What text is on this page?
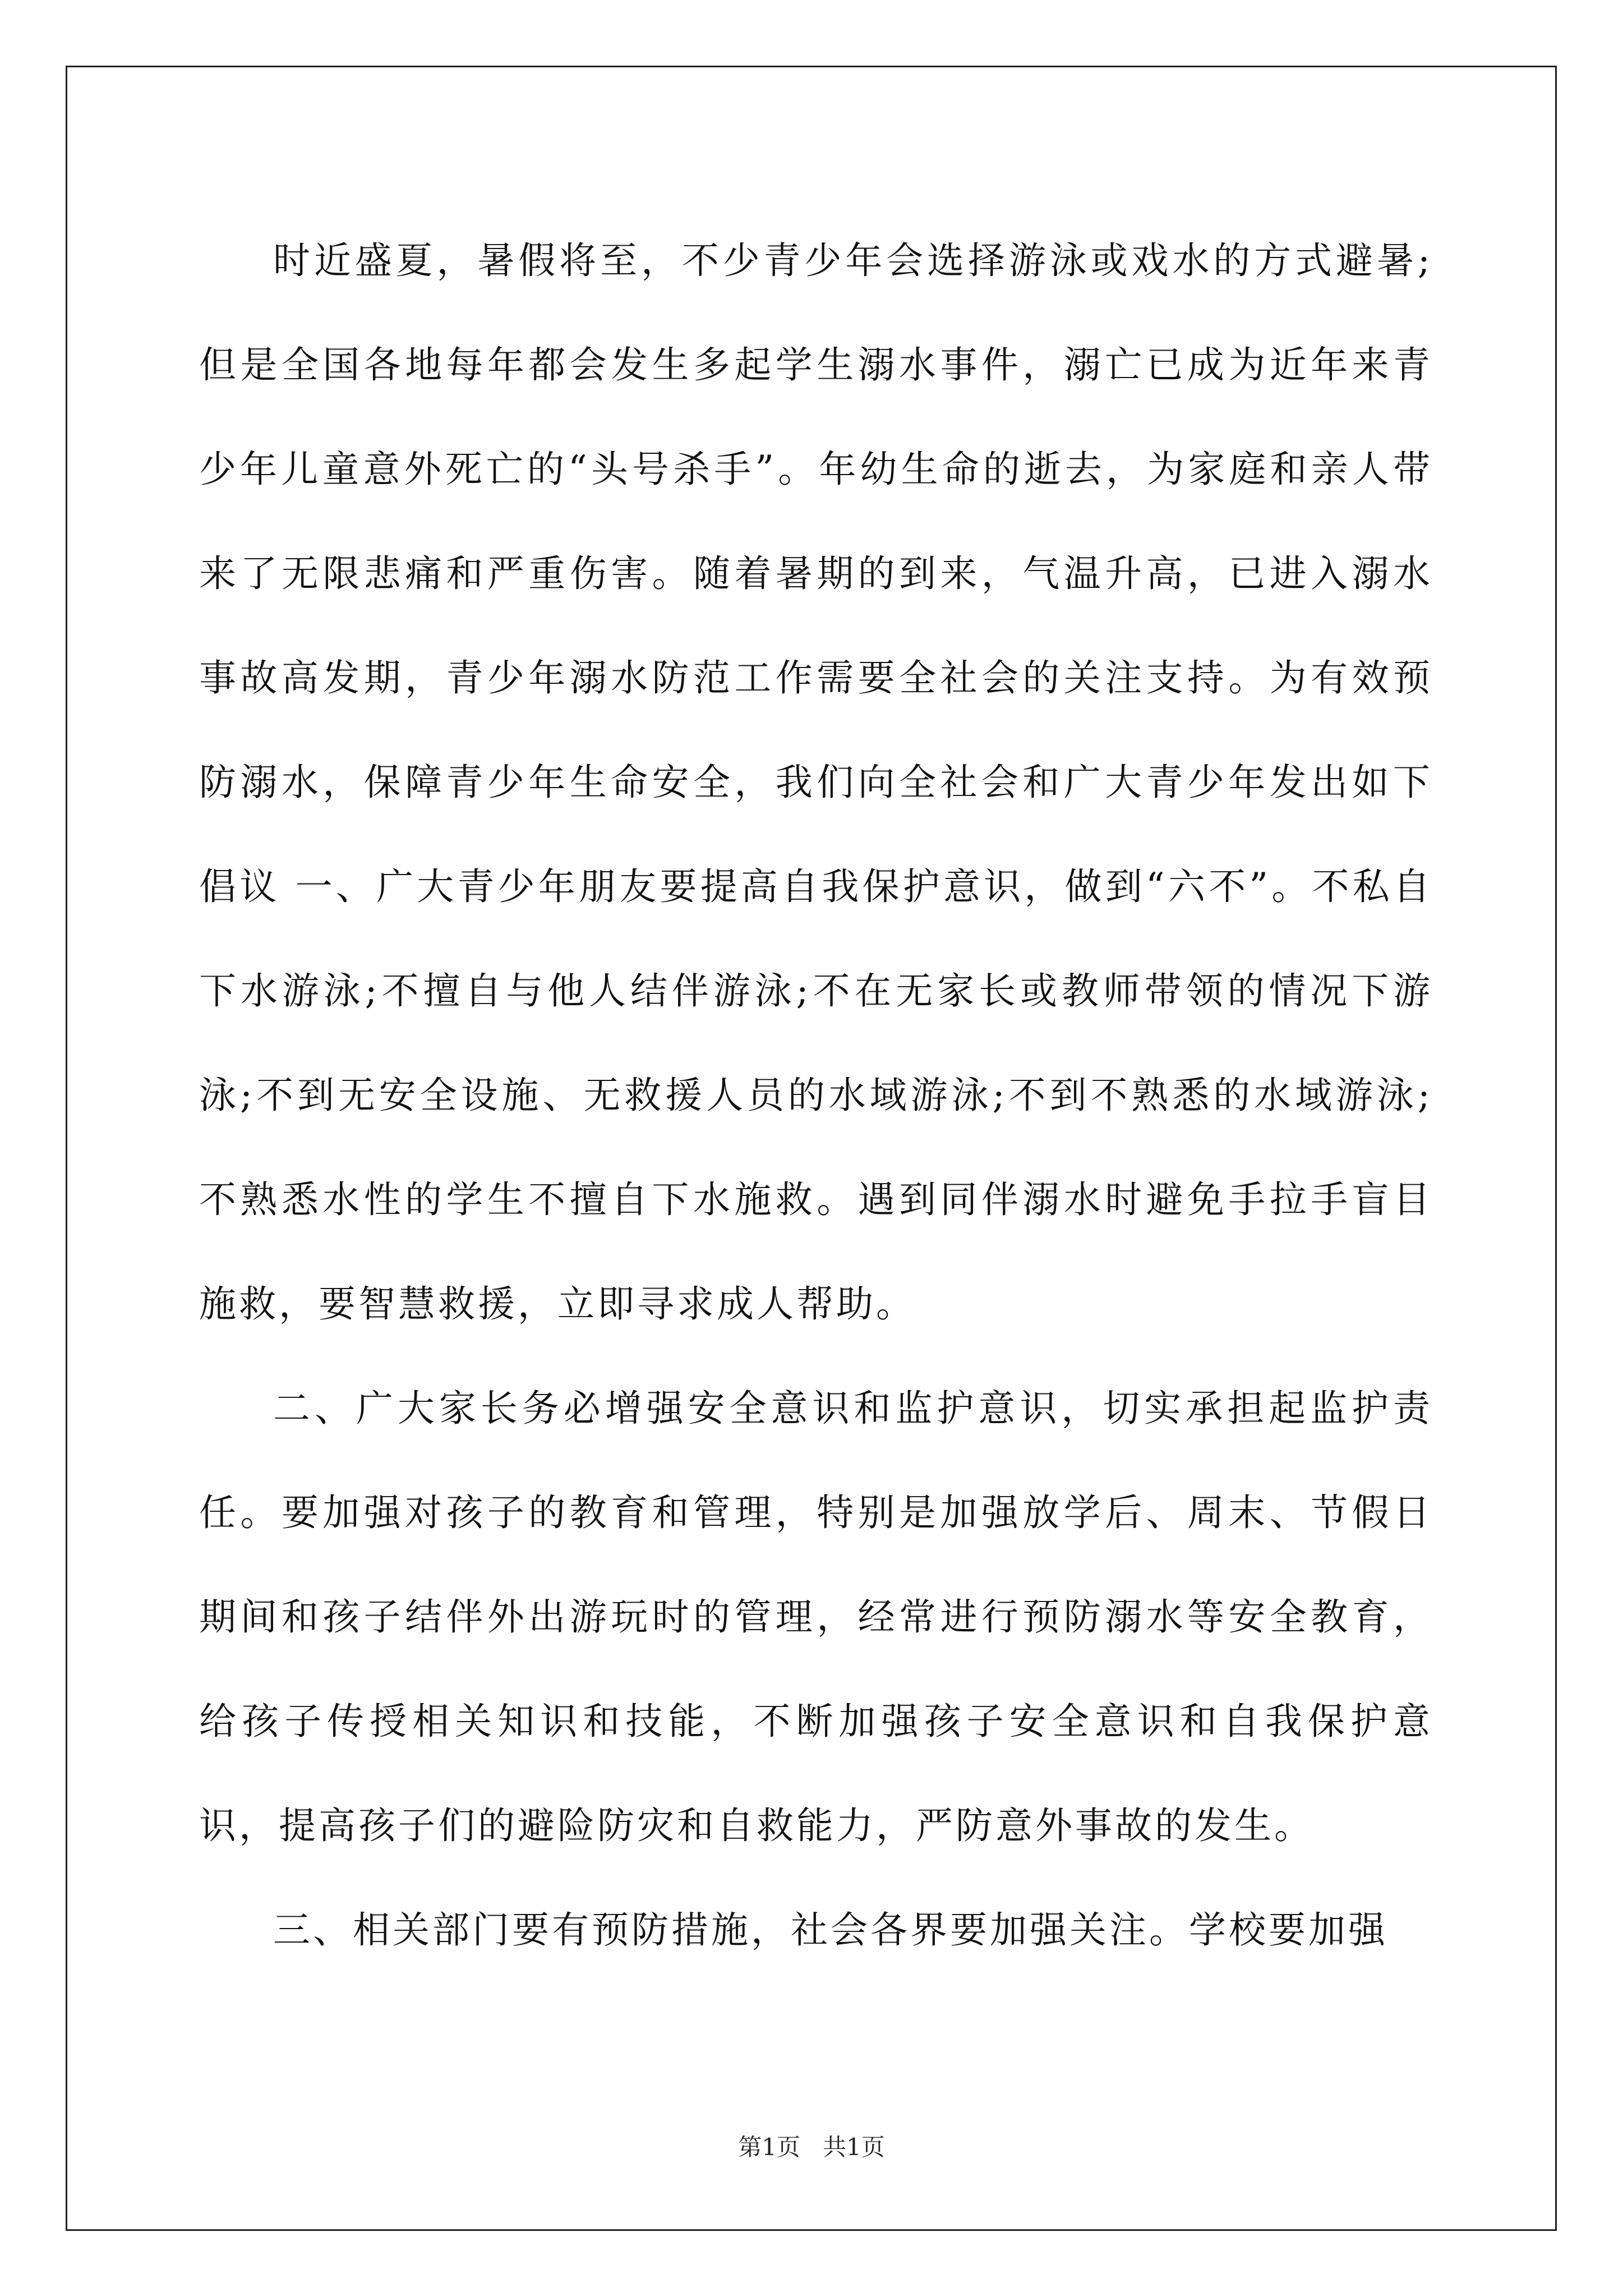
时近盛夏，暑假将至，不少青少年会选择游泳或戏水的方式避暑;但是全国各地每年都会发生多起学生溺水事件，溺亡已成为近年来青少年儿童意外死亡的“头号杀手”。年幼生命的逝去，为家庭和亲人带来了无限悲痛和严重伤害。随着暑期的到来，气温升高，已进入溺水事故高发期，青少年溺水防范工作需要全社会的关注支持。为有效预防溺水，保障青少年生命安全，我们向全社会和广大青少年发出如下倡议 一、广大青少年朋友要提高自我保护意识，做到“六不”。不私自下水游泳;不擅自与他人结伴游泳;不在无家长或教师带领的情况下游泳;不到无安全设施、无救援人员的水域游泳;不到不熟悉的水域游泳;不熟悉水性的学生不擅自下水施救。遇到同伴溺水时避免手拉手盲目施救，要智慧救援，立即寻求成人帮助。

二、广大家长务必增强安全意识和监护意识，切实承担起监护责任。要加强对孩子的教育和管理，特别是加强放学后、周末、节假日期间和孩子结伴外出游玩时的管理，经常进行预防溺水等安全教育，给孩子传授相关知识和技能，不断加强孩子安全意识和自我保护意识，提高孩子们的避险防灾和自救能力，严防意外事故的发生。

三、相关部门要有预防措施，社会各界要加强关注。学校要加强

第1页   共1页
